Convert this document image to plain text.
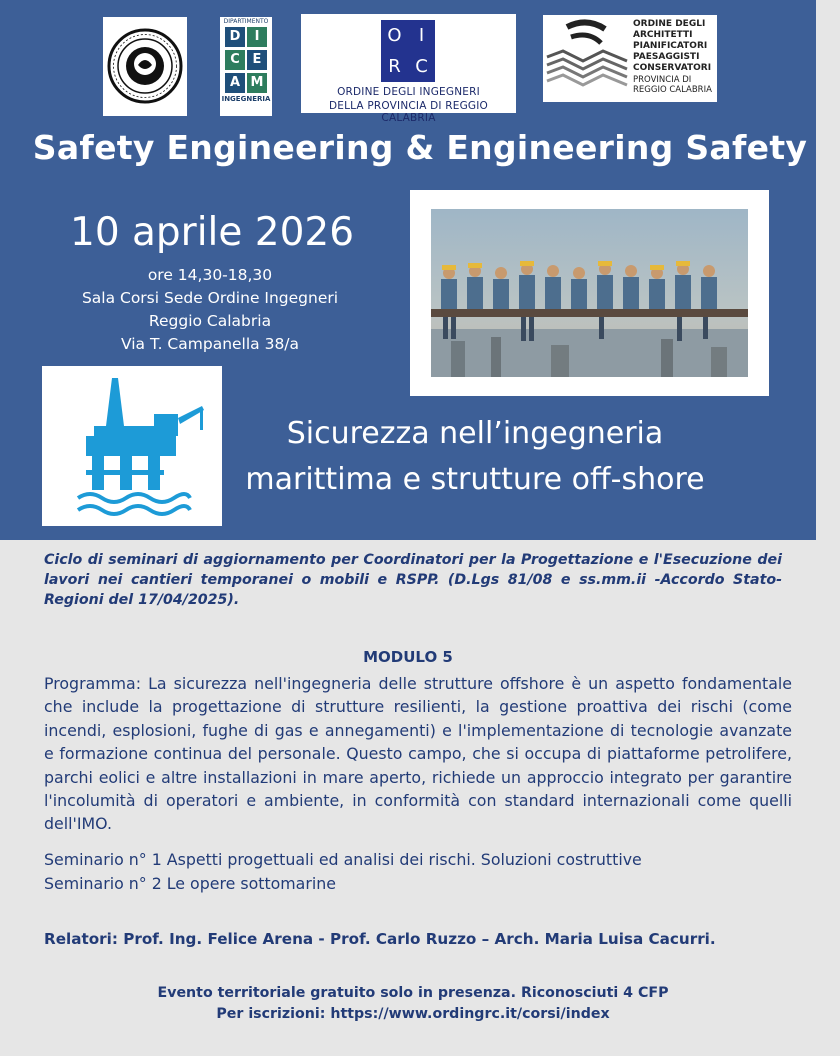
DIPARTIMENTO
D IC EA M
INGEGNERIA
O I
R C
ORDINE DEGLI INGEGNERI
DELLA PROVINCIA DI REGGIO CALABRIA
ORDINE DEGLI
ARCHITETTI
PIANIFICATORI
PAESAGGISTI
CONSERVATORI
PROVINCIA DI
REGGIO CALABRIA
Safety Engineering & Engineering Safety
10 aprile 2026
ore 14,30-18,30
Sala Corsi Sede Ordine Ingegneri
Reggio Calabria
Via T. Campanella 38/a
Sicurezza nell’ingegneria
marittima e strutture off-shore
Ciclo di seminari di aggiornamento per Coordinatori per la Progettazione e l'Esecuzione dei lavori nei cantieri temporanei o mobili e RSPP. (D.Lgs 81/08 e ss.mm.ii -Accordo Stato-Regioni del 17/04/2025).
MODULO 5
Programma: La sicurezza nell'ingegneria delle strutture offshore è un aspetto fondamentale che include la progettazione di strutture resilienti, la gestione proattiva dei rischi (come incendi, esplosioni, fughe di gas e annegamenti) e l'implementazione di tecnologie avanzate e formazione continua del personale. Questo campo, che si occupa di piattaforme petrolifere, parchi eolici e altre installazioni in mare aperto, richiede un approccio integrato per garantire l'incolumità di operatori e ambiente, in conformità con standard internazionali come quelli dell'IMO.
Seminario n° 1 Aspetti progettuali ed analisi dei rischi. Soluzioni costruttive
Seminario n° 2 Le opere sottomarine
Relatori: Prof. Ing. Felice Arena - Prof. Carlo Ruzzo – Arch. Maria Luisa Cacurri.
Evento territoriale gratuito solo in presenza. Riconosciuti 4 CFP
Per iscrizioni: https://www.ordingrc.it/corsi/index
